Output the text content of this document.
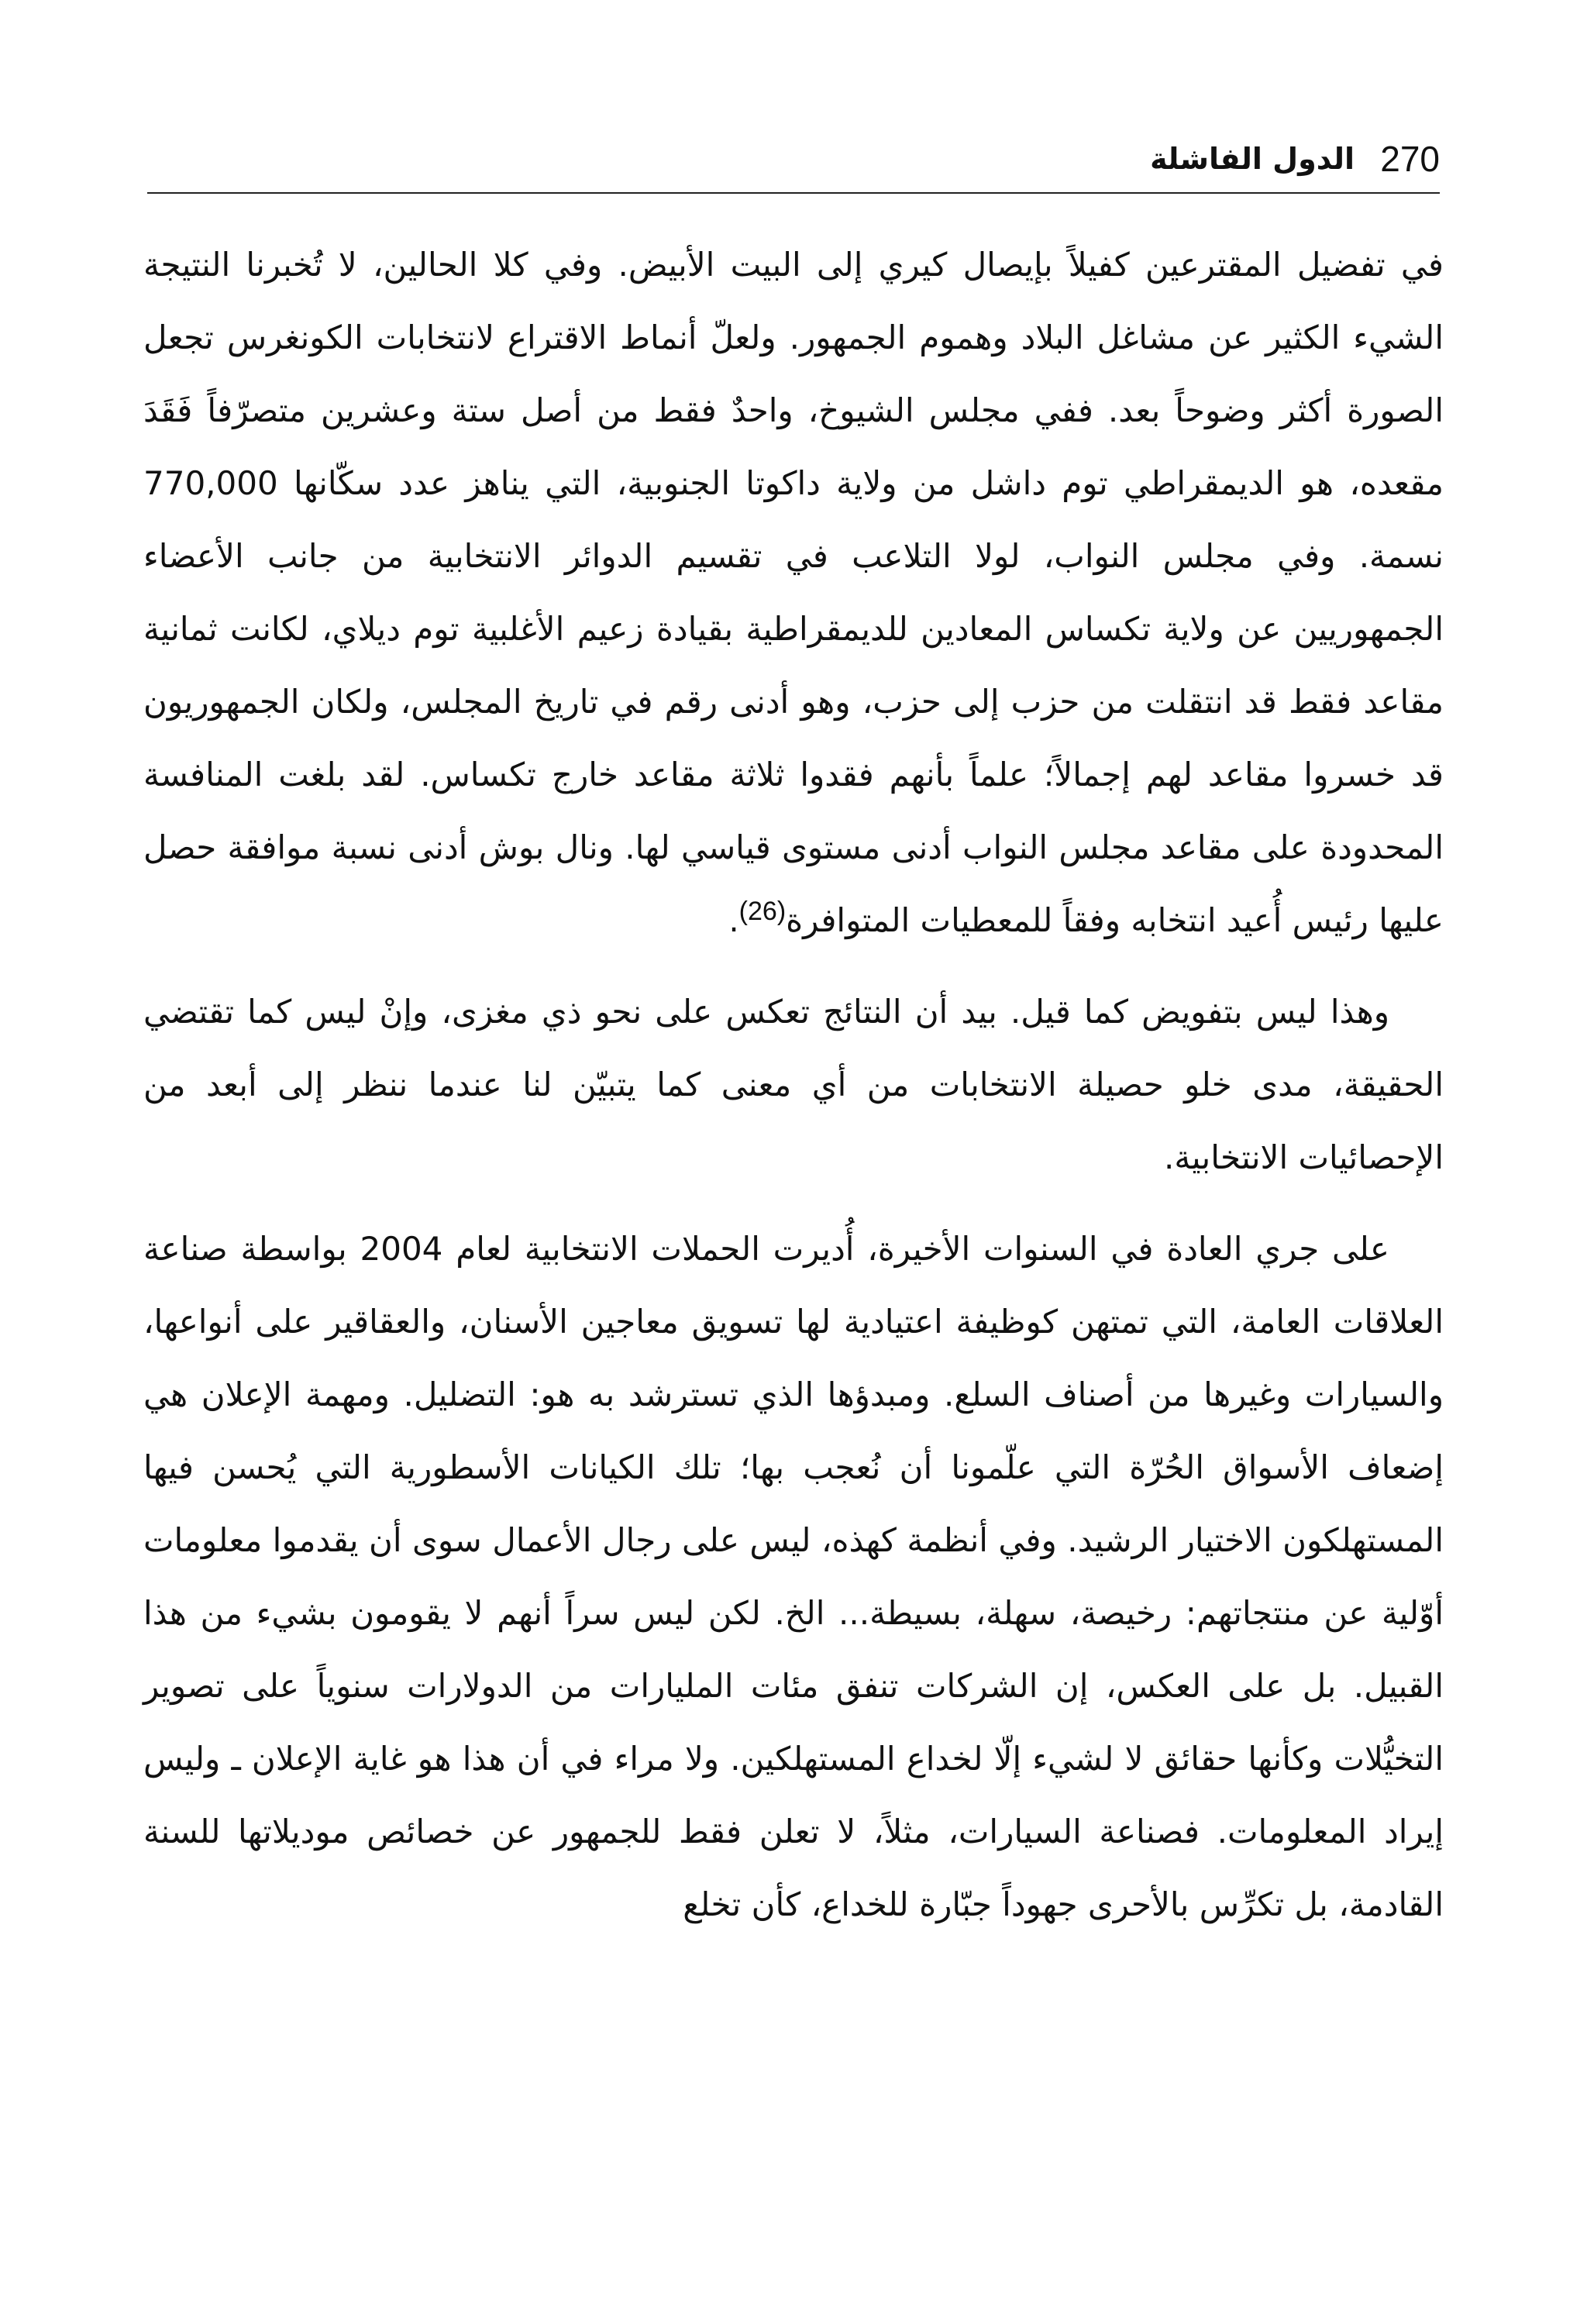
270
الدول الفاشلة

في تفضيل المقترعين كفيلاً بإيصال كيري إلى البيت الأبيض. وفي كلا الحالين، لا تُخبرنا النتيجة الشيء الكثير عن مشاغل البلاد وهموم الجمهور. ولعلّ أنماط الاقتراع لانتخابات الكونغرس تجعل الصورة أكثر وضوحاً بعد. ففي مجلس الشيوخ، واحدٌ فقط من أصل ستة وعشرين متصرّفاً فَقَدَ مقعده، هو الديمقراطي توم داشل من ولاية داكوتا الجنوبية، التي يناهز عدد سكّانها 770,000 نسمة. وفي مجلس النواب، لولا التلاعب في تقسيم الدوائر الانتخابية من جانب الأعضاء الجمهوريين عن ولاية تكساس المعادين للديمقراطية بقيادة زعيم الأغلبية توم ديلاي، لكانت ثمانية مقاعد فقط قد انتقلت من حزب إلى حزب، وهو أدنى رقم في تاريخ المجلس، ولكان الجمهوريون قد خسروا مقاعد لهم إجمالاً؛ علماً بأنهم فقدوا ثلاثة مقاعد خارج تكساس. لقد بلغت المنافسة المحدودة على مقاعد مجلس النواب أدنى مستوى قياسي لها. ونال بوش أدنى نسبة موافقة حصل عليها رئيس أُعيد انتخابه وفقاً للمعطيات المتوافرة$^{(26)}$.

وهذا ليس بتفويض كما قيل. بيد أن النتائج تعكس على نحو ذي مغزى، وإنْ ليس كما تقتضي الحقيقة، مدى خلو حصيلة الانتخابات من أي معنى كما يتبيّن لنا عندما ننظر إلى أبعد من الإحصائيات الانتخابية.

على جري العادة في السنوات الأخيرة، أُديرت الحملات الانتخابية لعام 2004 بواسطة صناعة العلاقات العامة، التي تمتهن كوظيفة اعتيادية لها تسويق معاجين الأسنان، والعقاقير على أنواعها، والسيارات وغيرها من أصناف السلع. ومبدؤها الذي تسترشد به هو: التضليل. ومهمة الإعلان هي إضعاف الأسواق الحُرّة التي علّمونا أن نُعجب بها؛ تلك الكيانات الأسطورية التي يُحسن فيها المستهلكون الاختيار الرشيد. وفي أنظمة كهذه، ليس على رجال الأعمال سوى أن يقدموا معلومات أوّلية عن منتجاتهم: رخيصة، سهلة، بسيطة... الخ. لكن ليس سراً أنهم لا يقومون بشيء من هذا القبيل. بل على العكس، إن الشركات تنفق مئات المليارات من الدولارات سنوياً على تصوير التخيُّلات وكأنها حقائق لا لشيء إلّا لخداع المستهلكين. ولا مراء في أن هذا هو غاية الإعلان ـ وليس إيراد المعلومات. فصناعة السيارات، مثلاً، لا تعلن فقط للجمهور عن خصائص موديلاتها للسنة القادمة، بل تكرِّس بالأحرى جهوداً جبّارة للخداع، كأن تخلع
